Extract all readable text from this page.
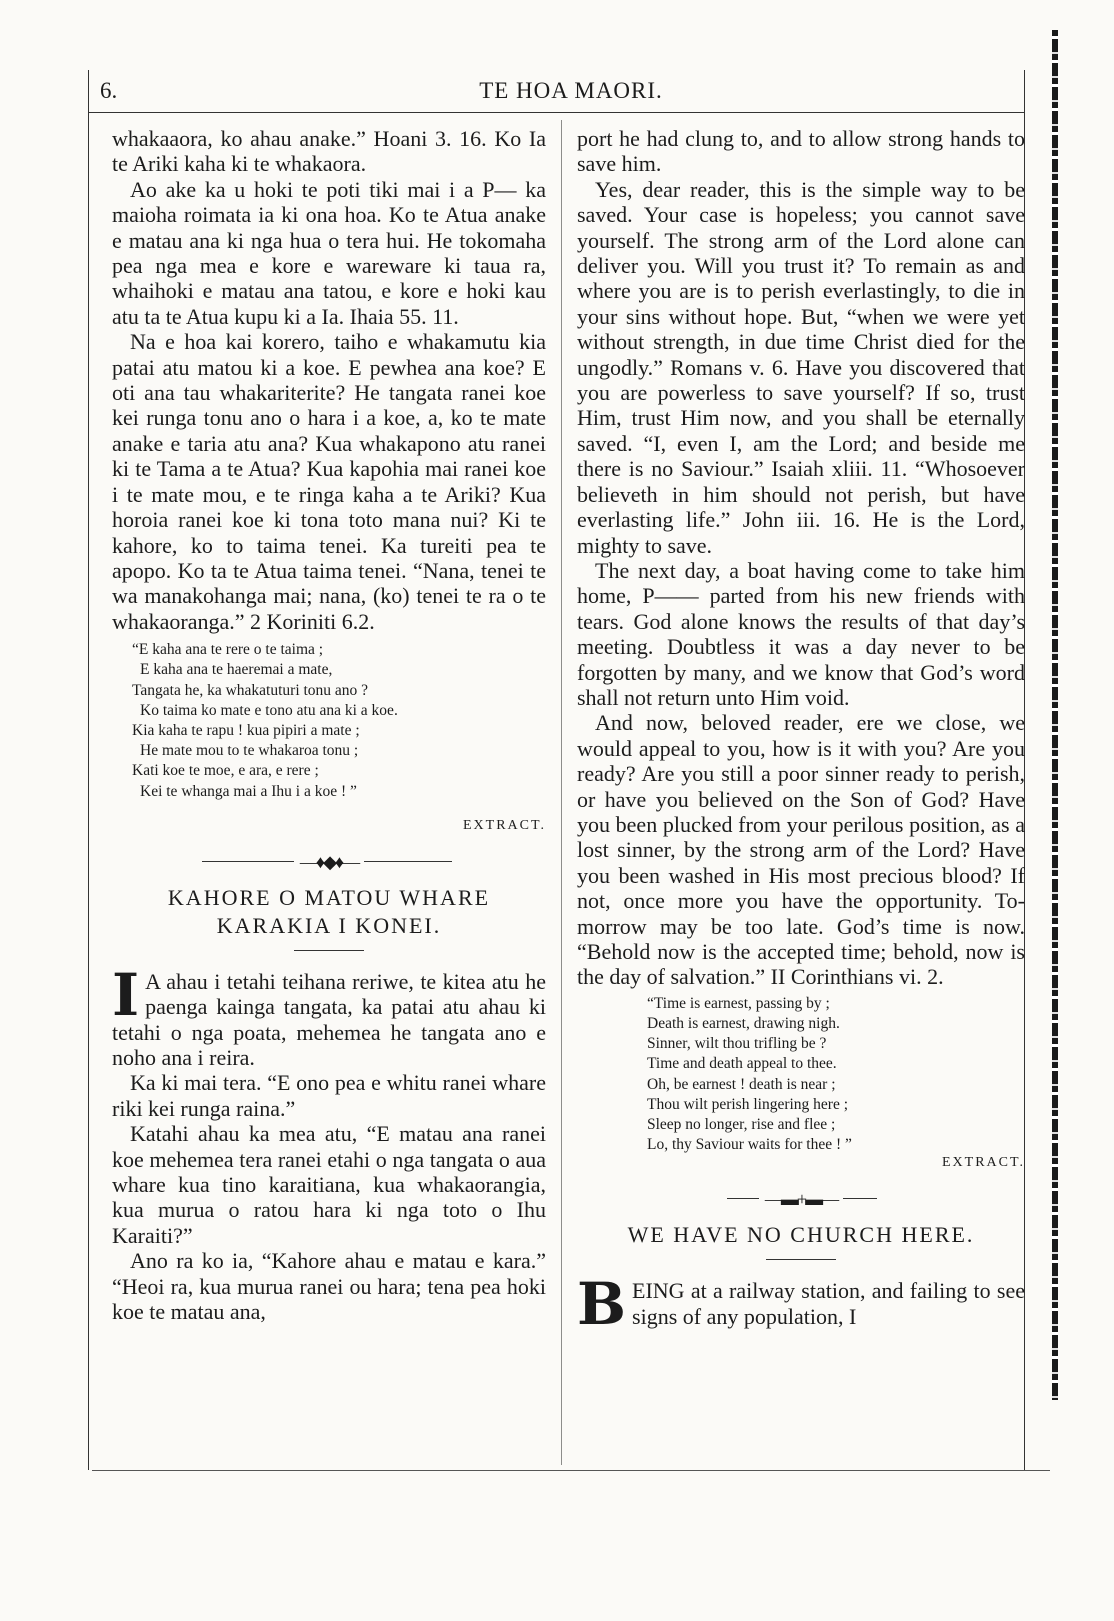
6.	TE HOA MAORI.

whakaaora, ko ahau anake.” Hoani 3. 16. Ko Ia te Ariki kaha ki te whakaora.

Ao ake ka u hoki te poti tiki mai i a P— ka maioha roimata ia ki ona hoa. Ko te Atua anake e matau ana ki nga hua o tera hui. He tokomaha pea nga mea e kore e wareware ki taua ra, whaihoki e matau ana tatou, e kore e hoki kau atu ta te Atua kupu ki a Ia. Ihaia 55. 11.

Na e hoa kai korero, taiho e whakamutu kia patai atu matou ki a koe. E pewhea ana koe? E oti ana tau whakariterite? He tangata ranei koe kei runga tonu ano o hara i a koe, a, ko te mate anake e taria atu ana? Kua whakapono atu ranei ki te Tama a te Atua? Kua kapohia mai ranei koe i te mate mou, e te ringa kaha a te Ariki? Kua horoia ranei koe ki tona toto mana nui? Ki te kahore, ko to taima tenei. Ka tureiti pea te apopo. Ko ta te Atua taima tenei. “Nana, tenei te wa manakohanga mai; nana, (ko) tenei te ra o te whakaoranga.” 2 Koriniti 6.2.

“E kaha ana te rere o te taima ;
E kaha ana te haeremai a mate,
Tangata he, ka whakatuturi tonu ano ?
Ko taima ko mate e tono atu ana ki a koe.
Kia kaha te rapu ! kua pipiri a mate ;
He mate mou to te whakaroa tonu ;
Kati koe te moe, e ara, e rere ;
Kei te whanga mai a Ihu i a koe ! ”
EXTRACT.
—♦◆♦—
KAHORE O MATOU WHARE KARAKIA I KONEI.

I A ahau i tetahi teihana reriwe, te kitea atu he paenga kainga tangata, ka patai atu ahau ki tetahi o nga poata, mehemea he tangata ano e noho ana i reira.

Ka ki mai tera. “E ono pea e whitu ranei whare riki kei runga raina.”

Katahi ahau ka mea atu, “E matau ana ranei koe mehemea tera ranei etahi o nga tangata o aua whare kua tino karaitiana, kua whakaorangia, kua murua o ratou hara ki nga toto o Ihu Karaiti?”

Ano ra ko ia, “Kahore ahau e matau e kara.” “Heoi ra, kua murua ranei ou hara; tena pea hoki koe te matau ana,

port he had clung to, and to allow strong hands to save him.

Yes, dear reader, this is the simple way to be saved. Your case is hopeless; you cannot save yourself. The strong arm of the Lord alone can deliver you. Will you trust it? To remain as and where you are is to perish everlastingly, to die in your sins without hope. But, “when we were yet without strength, in due time Christ died for the ungodly.” Romans v. 6. Have you discovered that you are powerless to save yourself? If so, trust Him, trust Him now, and you shall be eternally saved. “I, even I, am the Lord; and beside me there is no Saviour.” Isaiah xliii. 11. “Whosoever believeth in him should not perish, but have everlasting life.” John iii. 16. He is the Lord, mighty to save.

The next day, a boat having come to take him home, P—— parted from his new friends with tears. God alone knows the results of that day’s meeting. Doubtless it was a day never to be forgotten by many, and we know that God’s word shall not return unto Him void.

And now, beloved reader, ere we close, we would appeal to you, how is it with you? Are you ready? Are you still a poor sinner ready to perish, or have you believed on the Son of God? Have you been plucked from your perilous position, as a lost sinner, by the strong arm of the Lord? Have you been washed in His most precious blood? If not, once more you have the opportunity. To-morrow may be too late. God’s time is now. “Behold now is the accepted time; behold, now is the day of salvation.” II Corinthians vi. 2.

“Time is earnest, passing by ;
Death is earnest, drawing nigh.
Sinner, wilt thou trifling be ?
Time and death appeal to thee.
Oh, be earnest ! death is near ;
Thou wilt perish lingering here ;
Sleep no longer, rise and flee ;
Lo, thy Saviour waits for thee ! ”
EXTRACT.
—▬+▬—
WE HAVE NO CHURCH HERE.

BEING at a railway station, and failing to see signs of any population, I
